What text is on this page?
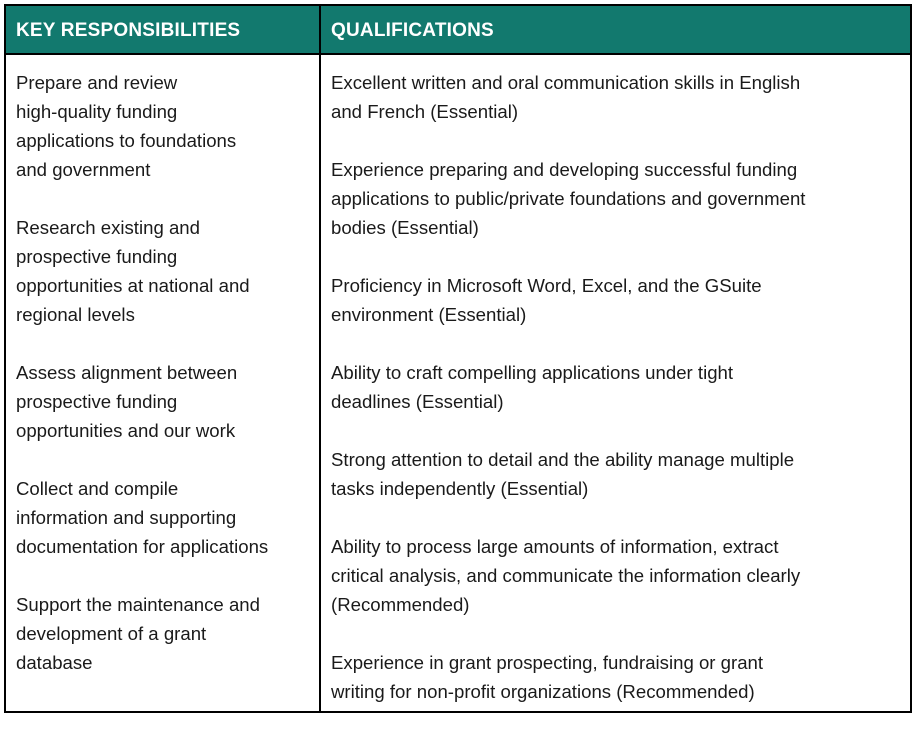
KEY RESPONSIBILITIES	QUALIFICATIONS
Prepare and review
high-quality funding
applications to foundations
and government
Research existing and
prospective funding
opportunities at national and
regional levels
Assess alignment between
prospective funding
opportunities and our work
Collect and compile
information and supporting
documentation for applications
Support the maintenance and
development of a grant
database
Excellent written and oral communication skills in English
and French (Essential)
Experience preparing and developing successful funding
applications to public/private foundations and government
bodies (Essential)
Proficiency in Microsoft Word, Excel, and the GSuite
environment (Essential)
Ability to craft compelling applications under tight
deadlines (Essential)
Strong attention to detail and the ability manage multiple
tasks independently (Essential)
Ability to process large amounts of information, extract
critical analysis, and communicate the information clearly
(Recommended)
Experience in grant prospecting, fundraising or grant
writing for non-profit organizations (Recommended)
